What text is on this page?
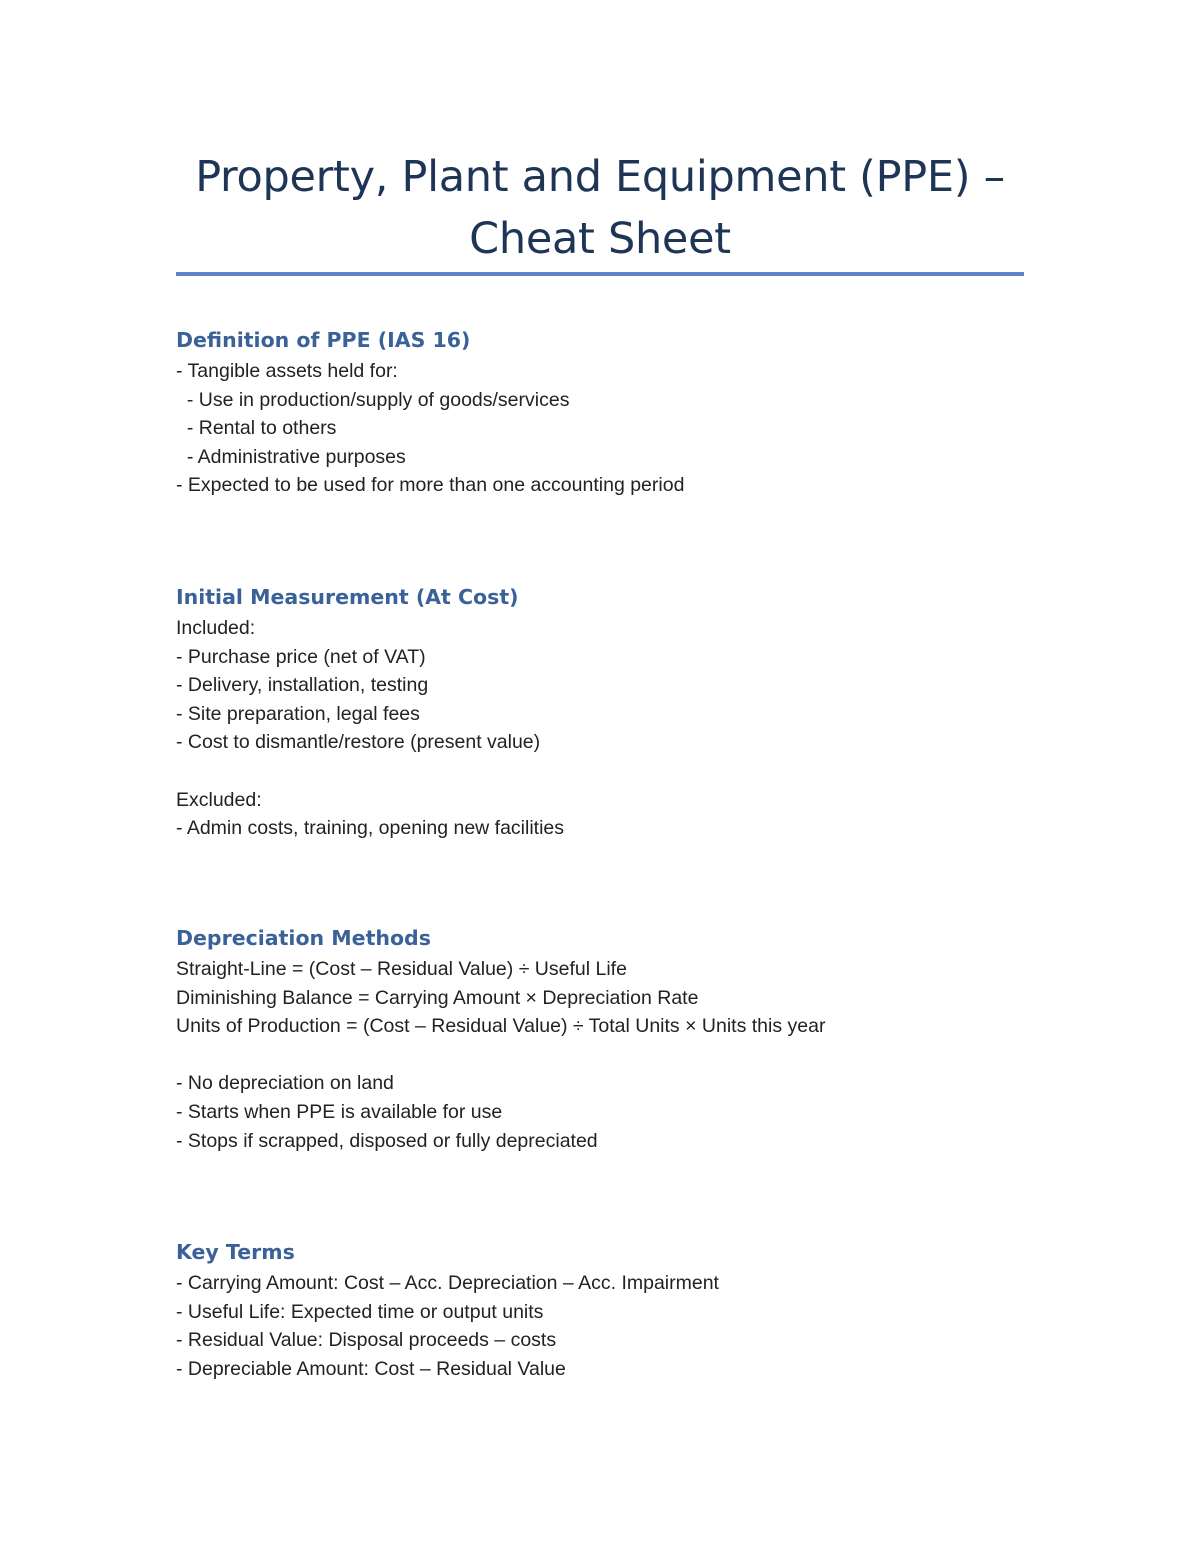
Property, Plant and Equipment (PPE) –
Cheat Sheet
Definition of PPE (IAS 16)
- Tangible assets held for:
- Use in production/supply of goods/services
- Rental to others
- Administrative purposes
- Expected to be used for more than one accounting period
Initial Measurement (At Cost)
Included:
- Purchase price (net of VAT)
- Delivery, installation, testing
- Site preparation, legal fees
- Cost to dismantle/restore (present value)
Excluded:
- Admin costs, training, opening new facilities
Depreciation Methods
Straight-Line = (Cost – Residual Value) ÷ Useful Life
Diminishing Balance = Carrying Amount × Depreciation Rate
Units of Production = (Cost – Residual Value) ÷ Total Units × Units this year
- No depreciation on land
- Starts when PPE is available for use
- Stops if scrapped, disposed or fully depreciated
Key Terms
- Carrying Amount: Cost – Acc. Depreciation – Acc. Impairment
- Useful Life: Expected time or output units
- Residual Value: Disposal proceeds – costs
- Depreciable Amount: Cost – Residual Value
